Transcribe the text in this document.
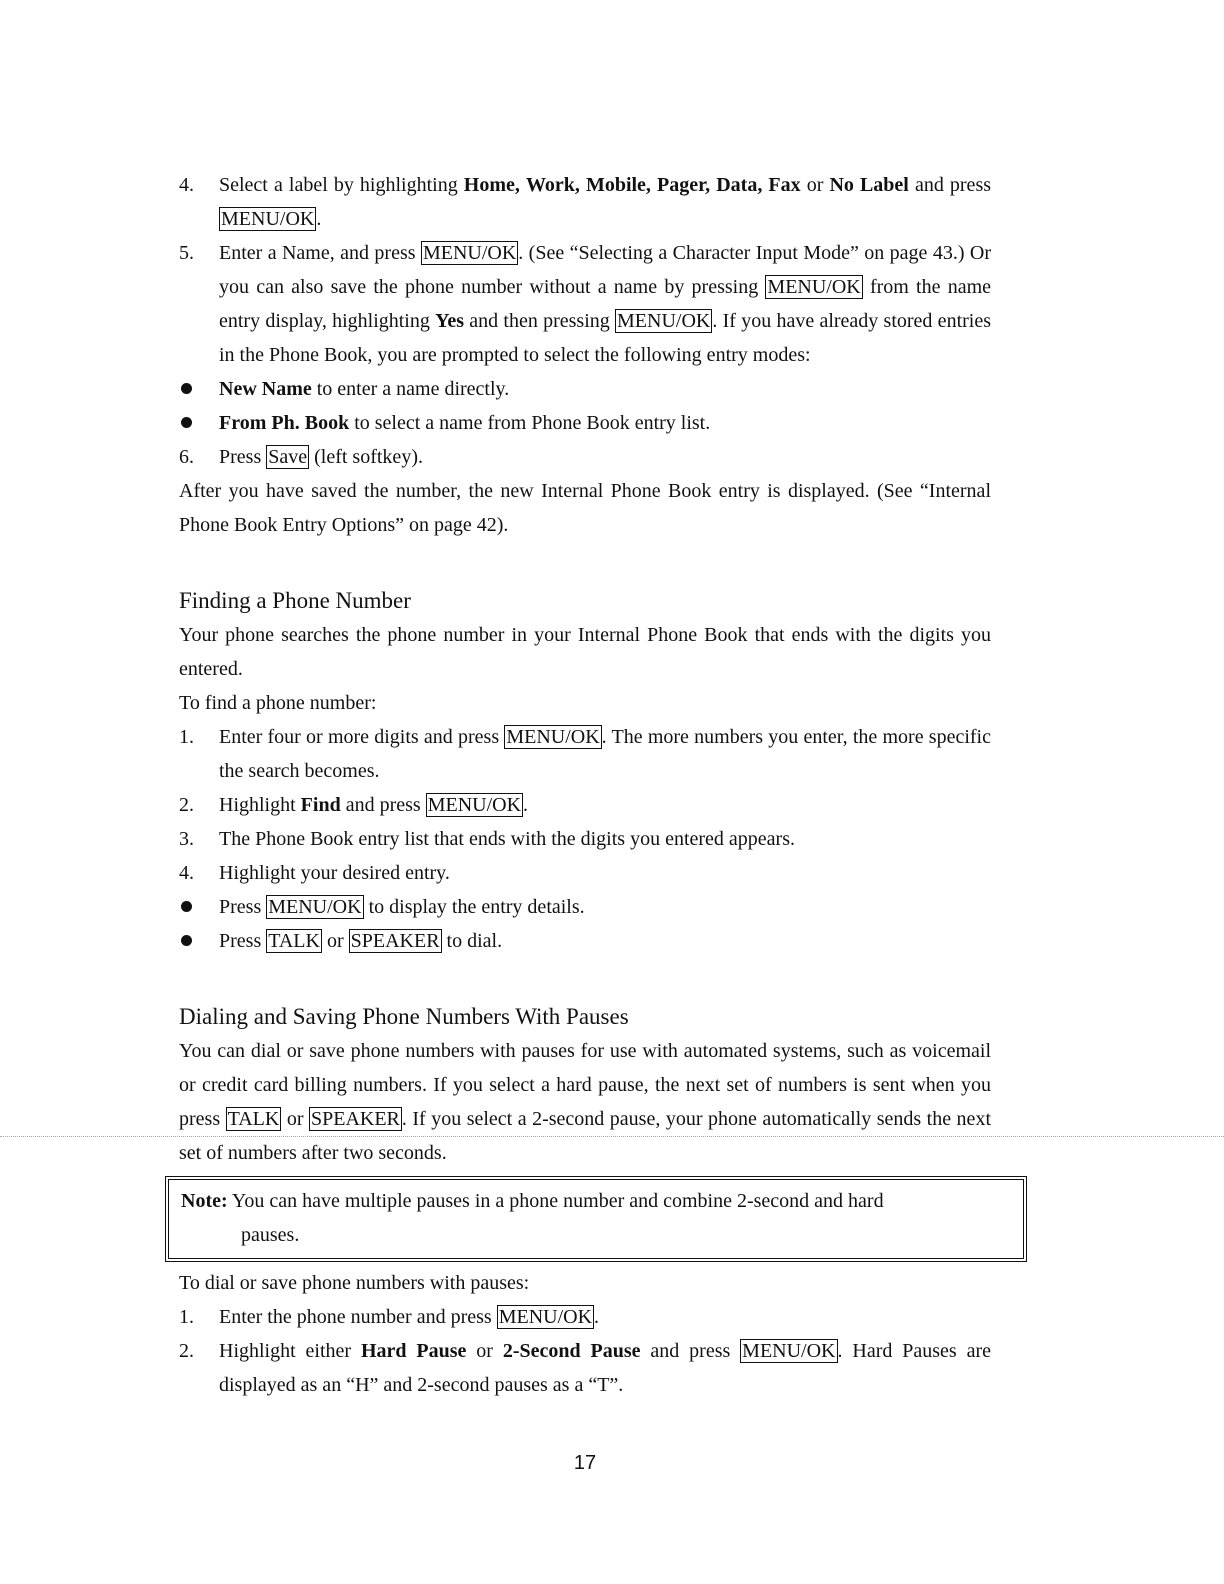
4.	Select a label by highlighting Home, Work, Mobile, Pager, Data, Fax or No Label and press MENU/OK .
5.	Enter a Name, and press MENU/OK . (See “Selecting a Character Input Mode” on page 43.) Or you can also save the phone number without a name by pressing MENU/OK from the name entry display, highlighting Yes and then pressing MENU/OK . If you have already stored entries in the Phone Book, you are prompted to select the following entry modes:
New Name to enter a name directly.
From Ph. Book to select a name from Phone Book entry list.
6.	Press Save (left softkey).
After you have saved the number, the new Internal Phone Book entry is displayed. (See “Internal Phone Book Entry Options” on page 42).
Finding a Phone Number
Your phone searches the phone number in your Internal Phone Book that ends with the digits you entered.
To find a phone number:
1.	Enter four or more digits and press MENU/OK . The more numbers you enter, the more specific the search becomes.
2.	Highlight Find and press MENU/OK .
3.	The Phone Book entry list that ends with the digits you entered appears.
4.	Highlight your desired entry.
Press MENU/OK to display the entry details.
Press TALK or SPEAKER to dial.
Dialing and Saving Phone Numbers With Pauses
You can dial or save phone numbers with pauses for use with automated systems, such as voicemail or credit card billing numbers. If you select a hard pause, the next set of numbers is sent when you press TALK or SPEAKER . If you select a 2-second pause, your phone automatically sends the next set of numbers after two seconds.
Note: You can have multiple pauses in a phone number and combine 2-second and hard
pauses.
To dial or save phone numbers with pauses:
1.	Enter the phone number and press MENU/OK .
2.	Highlight either Hard Pause or 2-Second Pause and press MENU/OK . Hard Pauses are displayed as an “H” and 2-second pauses as a “T”.
17
